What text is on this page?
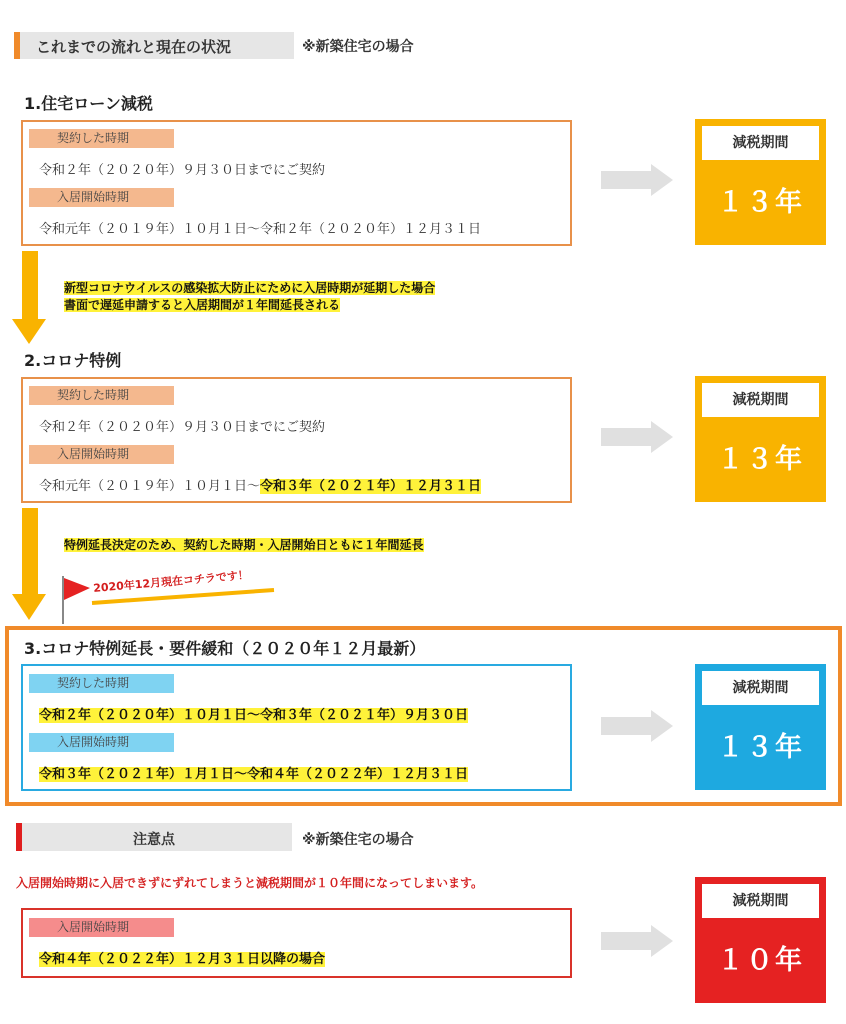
これまでの流れと現在の状況	※新築住宅の場合
1.住宅ローン減税
契約した時期
令和２年（２０２０年）９月３０日までにご契約
入居開始時期
令和元年（２０１９年）１０月１日〜令和２年（２０２０年）１２月３１日
減税期間
１３年
新型コロナウイルスの感染拡大防止にために入居時期が延期した場合
書面で遅延申請すると入居期間が１年間延長される
2.コロナ特例
契約した時期
令和２年（２０２０年）９月３０日までにご契約
入居開始時期
令和元年（２０１９年）１０月１日〜令和３年（２０２１年）１２月３１日
減税期間
１３年
特例延長決定のため、契約した時期・入居開始日ともに１年間延長
2020年12月現在コチラです！
3.コロナ特例延長・要件緩和（２０２０年１２月最新）
契約した時期
令和２年（２０２０年）１０月１日〜令和３年（２０２１年）９月３０日
入居開始時期
令和３年（２０２１年）１月１日〜令和４年（２０２２年）１２月３１日
減税期間
１３年
注意点	※新築住宅の場合
入居開始時期に入居できずにずれてしまうと減税期間が１０年間になってしまいます。
入居開始時期
令和４年（２０２２年）１２月３１日以降の場合
減税期間
１０年
